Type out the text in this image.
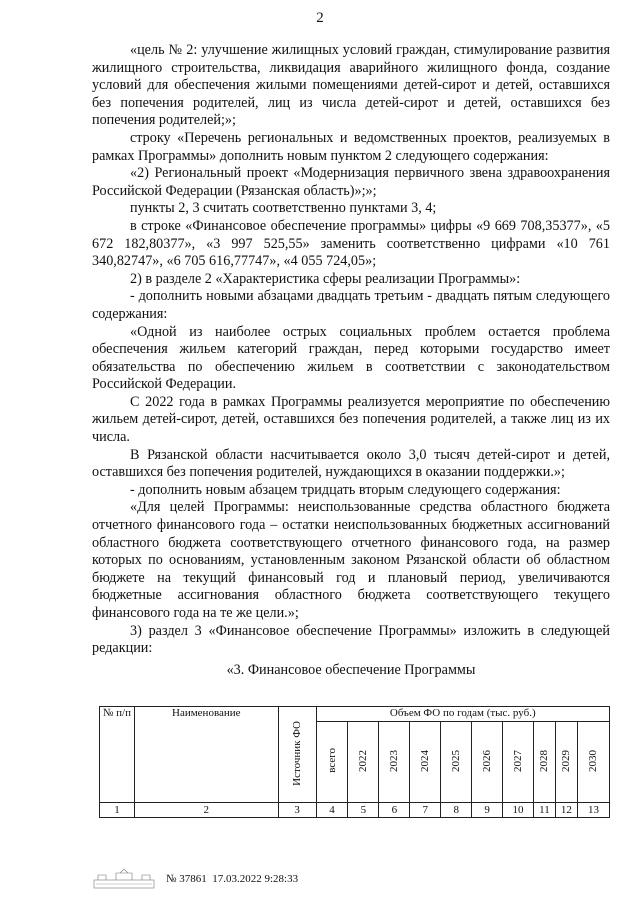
2

«цель № 2: улучшение жилищных условий граждан, стимулирование развития жилищного строительства, ликвидация аварийного жилищного фонда, создание условий для обеспечения жилыми помещениями детей-сирот и детей, оставшихся без попечения родителей, лиц из числа детей-сирот и детей, оставшихся без попечения родителей;»;

строку «Перечень региональных и ведомственных проектов, реализуемых в рамках Программы» дополнить новым пунктом 2 следующего содержания:

«2) Региональный проект «Модернизация первичного звена здравоохранения Российской Федерации (Рязанская область)»;»;

пункты 2, 3 считать соответственно пунктами 3, 4;

в строке «Финансовое обеспечение программы» цифры «9 669 708,35377», «5 672 182,80377», «3 997 525,55» заменить соответственно цифрами «10 761 340,82747», «6 705 616,77747», «4 055 724,05»;

2) в разделе 2 «Характеристика сферы реализации Программы»:

- дополнить новыми абзацами двадцать третьим - двадцать пятым следующего содержания:

«Одной из наиболее острых социальных проблем остается проблема обеспечения жильем категорий граждан, перед которыми государство имеет обязательства по обеспечению жильем в соответствии с законодательством Российской Федерации.

С 2022 года в рамках Программы реализуется мероприятие по обеспечению жильем детей-сирот, детей, оставшихся без попечения родителей, а также лиц из их числа.

В Рязанской области насчитывается около 3,0 тысяч детей-сирот и детей, оставшихся без попечения родителей, нуждающихся в оказании поддержки.»;

- дополнить новым абзацем тридцать вторым следующего содержания:

«Для целей Программы: неиспользованные средства областного бюджета отчетного финансового года – остатки неиспользованных бюджетных ассигнований областного бюджета соответствующего отчетного финансового года, на размер которых по основаниям, установленным законом Рязанской области об областном бюджете на текущий финансовый год и плановый период, увеличиваются бюджетные ассигнования областного бюджета соответствующего текущего финансового года на те же цели.»;

3) раздел 3 «Финансовое обеспечение Программы» изложить в следующей редакции:

«3. Финансовое обеспечение Программы

№ п/п	Наименование	Источник ФО	Объем ФО по годам (тыс. руб.)									
			всего	2022	2023	2024	2025	2026	2027	2028	2029	2030
1	2	3	4	5	6	7	8	9	10	11	12	13
№ 37861
17.03.2022 9:28:33
